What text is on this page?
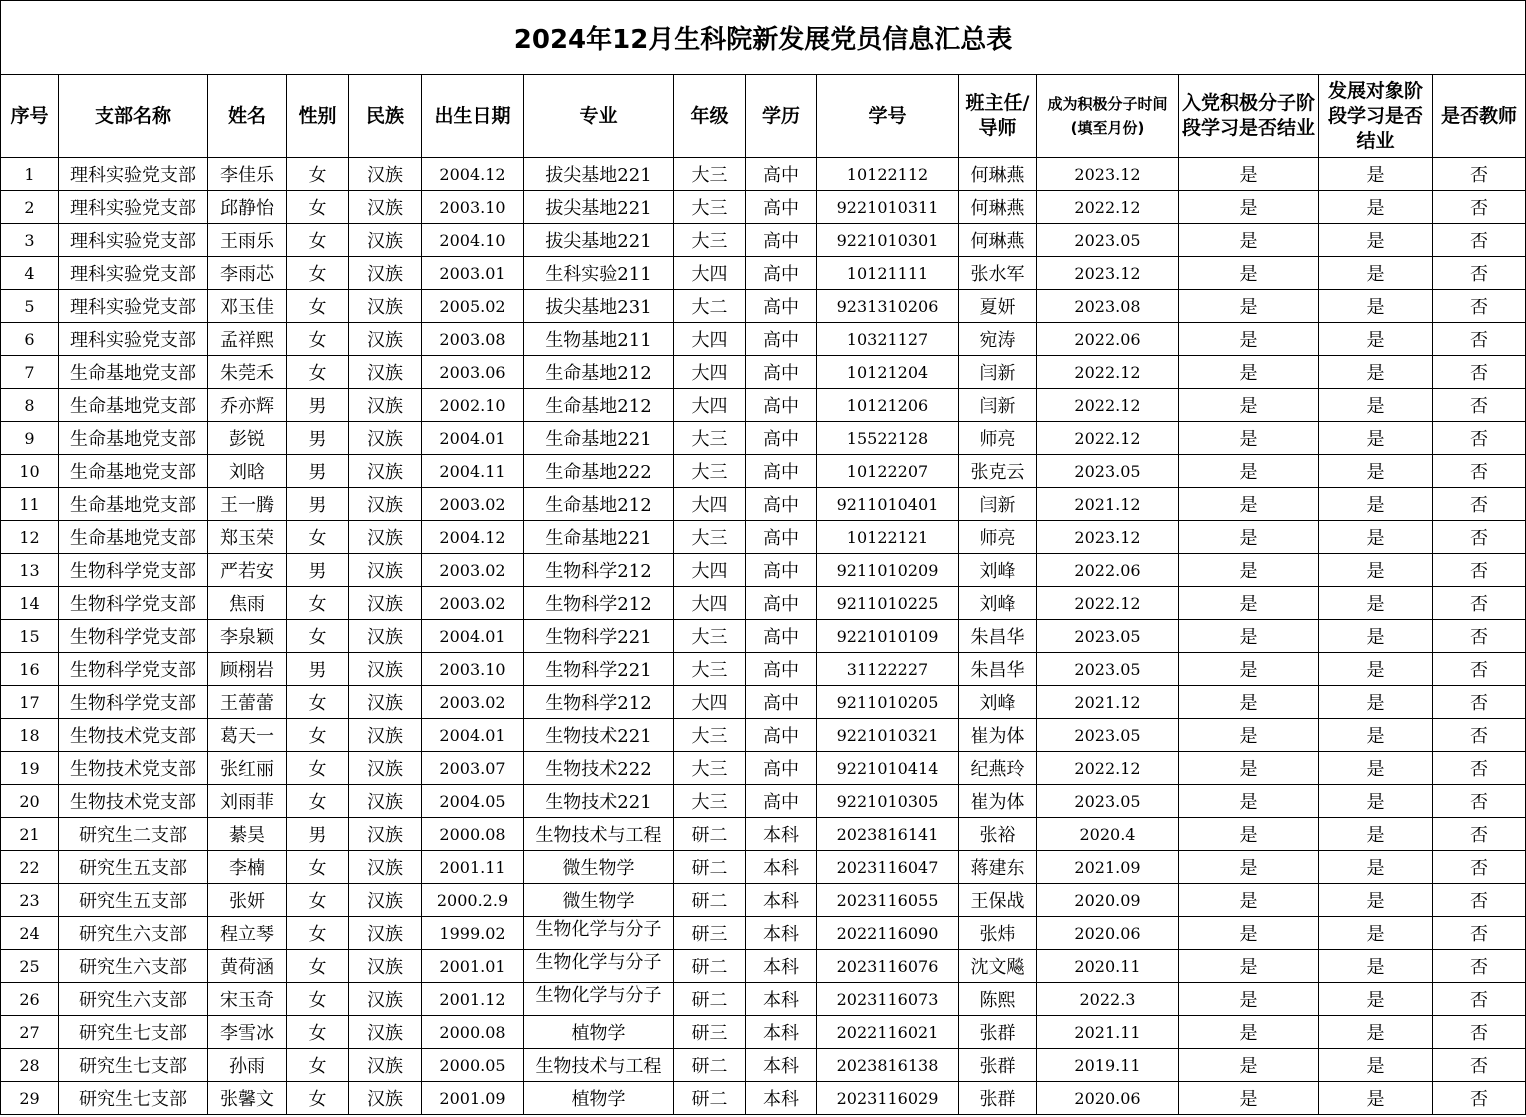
2024年12月生科院新发展党员信息汇总表														
序号	支部名称	姓名	性别	民族	出生日期	专业	年级	学历	学号	班主任/导师	成为积极分子时间(填至月份)	入党积极分子阶段学习是否结业	发展对象阶段学习是否结业	是否教师
1	理科实验党支部	李佳乐	女	汉族	2004.12	拔尖基地221	大三	高中	10122112	何琳燕	2023.12	是	是	否
2	理科实验党支部	邱静怡	女	汉族	2003.10	拔尖基地221	大三	高中	9221010311	何琳燕	2022.12	是	是	否
3	理科实验党支部	王雨乐	女	汉族	2004.10	拔尖基地221	大三	高中	9221010301	何琳燕	2023.05	是	是	否
4	理科实验党支部	李雨芯	女	汉族	2003.01	生科实验211	大四	高中	10121111	张水军	2023.12	是	是	否
5	理科实验党支部	邓玉佳	女	汉族	2005.02	拔尖基地231	大二	高中	9231310206	夏妍	2023.08	是	是	否
6	理科实验党支部	孟祥熙	女	汉族	2003.08	生物基地211	大四	高中	10321127	宛涛	2022.06	是	是	否
7	生命基地党支部	朱莞禾	女	汉族	2003.06	生命基地212	大四	高中	10121204	闫新	2022.12	是	是	否
8	生命基地党支部	乔亦辉	男	汉族	2002.10	生命基地212	大四	高中	10121206	闫新	2022.12	是	是	否
9	生命基地党支部	彭锐	男	汉族	2004.01	生命基地221	大三	高中	15522128	师亮	2022.12	是	是	否
10	生命基地党支部	刘晗	男	汉族	2004.11	生命基地222	大三	高中	10122207	张克云	2023.05	是	是	否
11	生命基地党支部	王一腾	男	汉族	2003.02	生命基地212	大四	高中	9211010401	闫新	2021.12	是	是	否
12	生命基地党支部	郑玉荣	女	汉族	2004.12	生命基地221	大三	高中	10122121	师亮	2023.12	是	是	否
13	生物科学党支部	严若安	男	汉族	2003.02	生物科学212	大四	高中	9211010209	刘峰	2022.06	是	是	否
14	生物科学党支部	焦雨	女	汉族	2003.02	生物科学212	大四	高中	9211010225	刘峰	2022.12	是	是	否
15	生物科学党支部	李泉颖	女	汉族	2004.01	生物科学221	大三	高中	9221010109	朱昌华	2023.05	是	是	否
16	生物科学党支部	顾栩岩	男	汉族	2003.10	生物科学221	大三	高中	31122227	朱昌华	2023.05	是	是	否
17	生物科学党支部	王蕾蕾	女	汉族	2003.02	生物科学212	大四	高中	9211010205	刘峰	2021.12	是	是	否
18	生物技术党支部	葛天一	女	汉族	2004.01	生物技术221	大三	高中	9221010321	崔为体	2023.05	是	是	否
19	生物技术党支部	张红丽	女	汉族	2003.07	生物技术222	大三	高中	9221010414	纪燕玲	2022.12	是	是	否
20	生物技术党支部	刘雨菲	女	汉族	2004.05	生物技术221	大三	高中	9221010305	崔为体	2023.05	是	是	否
21	研究生二支部	綦昊	男	汉族	2000.08	生物技术与工程	研二	本科	2023816141	张裕	2020.4	是	是	否
22	研究生五支部	李楠	女	汉族	2001.11	微生物学	研二	本科	2023116047	蒋建东	2021.09	是	是	否
23	研究生五支部	张妍	女	汉族	2000.2.9	微生物学	研二	本科	2023116055	王保战	2020.09	是	是	否
24	研究生六支部	程立琴	女	汉族	1999.02	生物化学与分子	研三	本科	2022116090	张炜	2020.06	是	是	否
25	研究生六支部	黄荷涵	女	汉族	2001.01	生物化学与分子	研二	本科	2023116076	沈文飚	2020.11	是	是	否
26	研究生六支部	宋玉奇	女	汉族	2001.12	生物化学与分子	研二	本科	2023116073	陈熙	2022.3	是	是	否
27	研究生七支部	李雪冰	女	汉族	2000.08	植物学	研三	本科	2022116021	张群	2021.11	是	是	否
28	研究生七支部	孙雨	女	汉族	2000.05	生物技术与工程	研二	本科	2023816138	张群	2019.11	是	是	否
29	研究生七支部	张馨文	女	汉族	2001.09	植物学	研二	本科	2023116029	张群	2020.06	是	是	否
